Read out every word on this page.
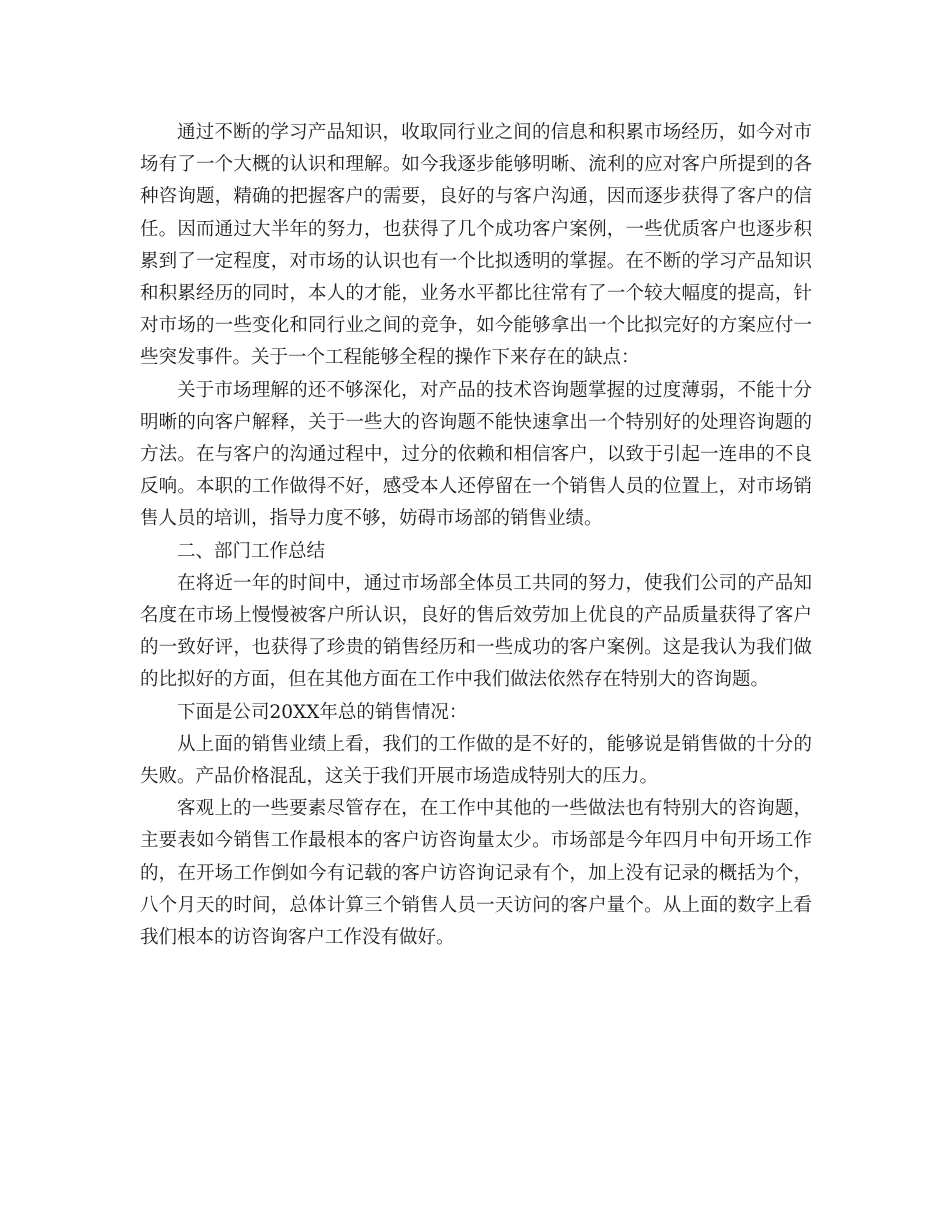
通过不断的学习产品知识，收取同行业之间的信息和积累市场经历，如今对市场有了一个大概的认识和理解。如今我逐步能够明晰、流利的应对客户所提到的各种咨询题，精确的把握客户的需要，良好的与客户沟通，因而逐步获得了客户的信任。因而通过大半年的努力，也获得了几个成功客户案例，一些优质客户也逐步积累到了一定程度，对市场的认识也有一个比拟透明的掌握。在不断的学习产品知识和积累经历的同时，本人的才能，业务水平都比往常有了一个较大幅度的提高，针对市场的一些变化和同行业之间的竞争，如今能够拿出一个比拟完好的方案应付一些突发事件。关于一个工程能够全程的操作下来存在的缺点：

关于市场理解的还不够深化，对产品的技术咨询题掌握的过度薄弱，不能十分明晰的向客户解释，关于一些大的咨询题不能快速拿出一个特别好的处理咨询题的方法。在与客户的沟通过程中，过分的依赖和相信客户，以致于引起一连串的不良反响。本职的工作做得不好，感受本人还停留在一个销售人员的位置上，对市场销售人员的培训，指导力度不够，妨碍市场部的销售业绩。

二、部门工作总结

在将近一年的时间中，通过市场部全体员工共同的努力，使我们公司的产品知名度在市场上慢慢被客户所认识，良好的售后效劳加上优良的产品质量获得了客户的一致好评，也获得了珍贵的销售经历和一些成功的客户案例。这是我认为我们做的比拟好的方面，但在其他方面在工作中我们做法依然存在特别大的咨询题。

下面是公司20XX年总的销售情况：

从上面的销售业绩上看，我们的工作做的是不好的，能够说是销售做的十分的失败。产品价格混乱，这关于我们开展市场造成特别大的压力。

客观上的一些要素尽管存在，在工作中其他的一些做法也有特别大的咨询题，主要表如今销售工作最根本的客户访咨询量太少。市场部是今年四月中旬开场工作的，在开场工作倒如今有记载的客户访咨询记录有个，加上没有记录的概括为个，八个月天的时间，总体计算三个销售人员一天访问的客户量个。从上面的数字上看我们根本的访咨询客户工作没有做好。
